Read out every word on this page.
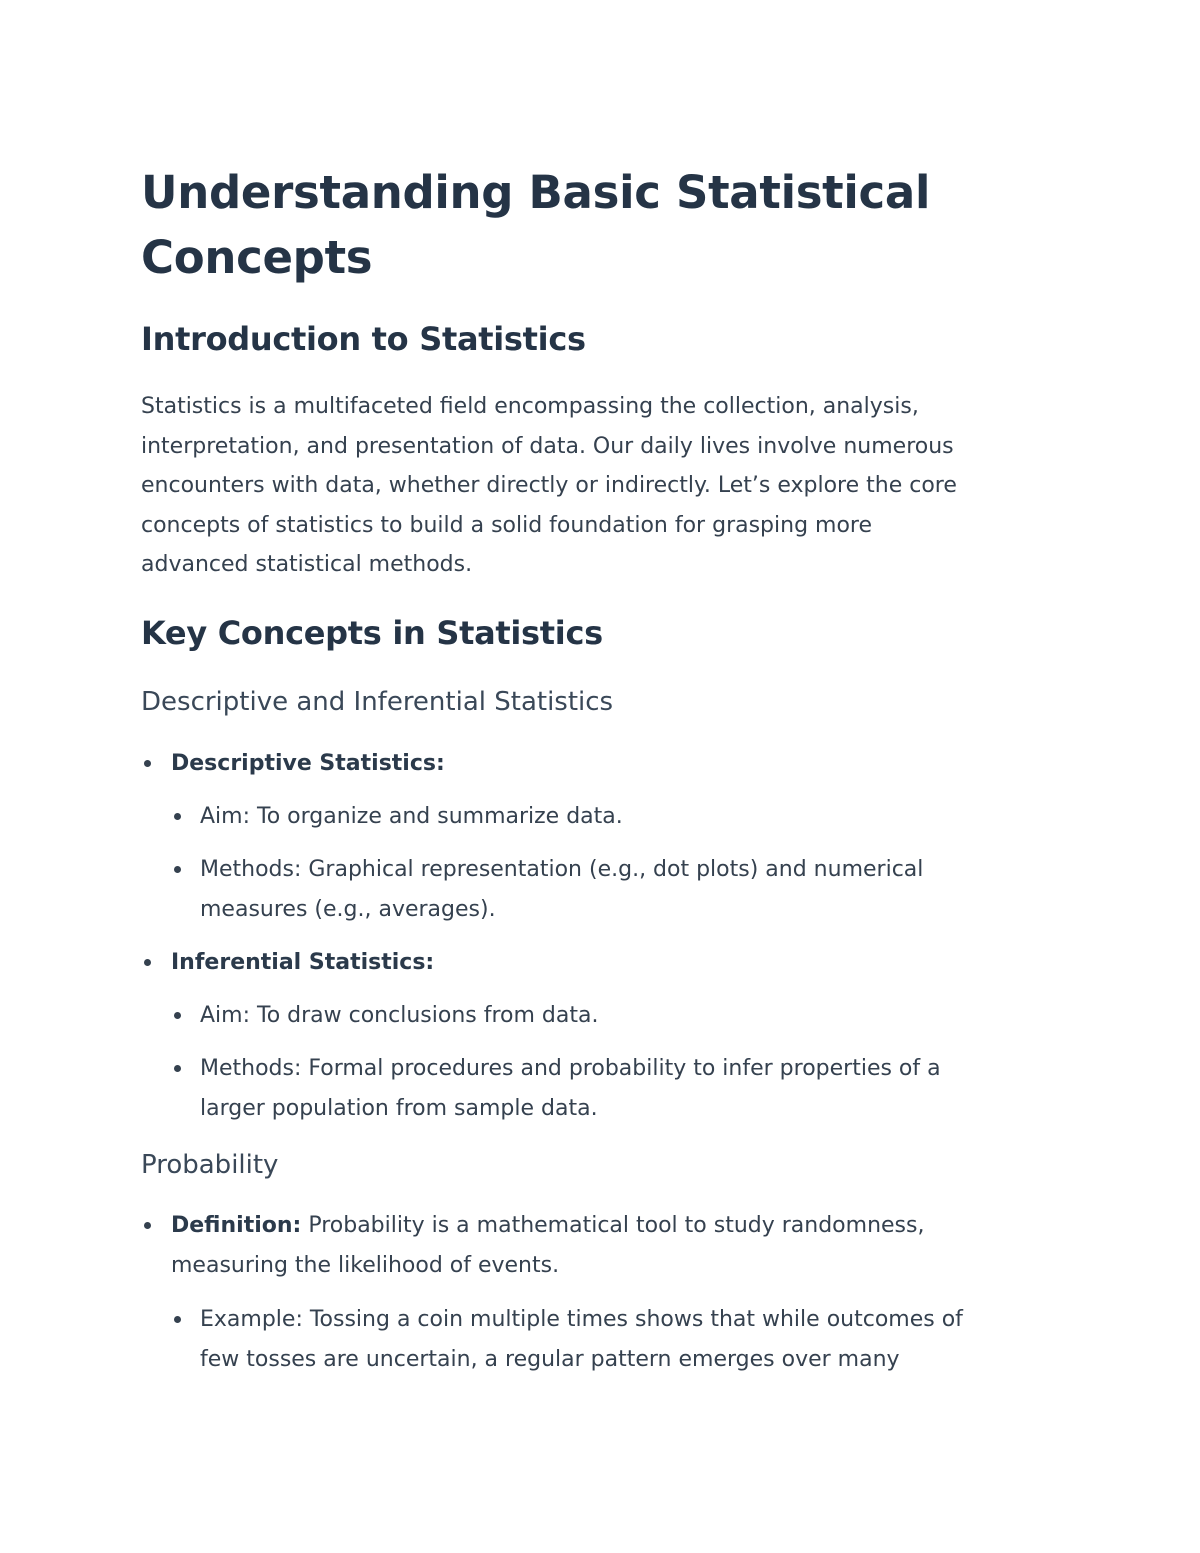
Understanding Basic Statistical
Concepts
Introduction to Statistics
Statistics is a multifaceted field encompassing the collection, analysis,
interpretation, and presentation of data. Our daily lives involve numerous
encounters with data, whether directly or indirectly. Let’s explore the core
concepts of statistics to build a solid foundation for grasping more
advanced statistical methods.
Key Concepts in Statistics
Descriptive and Inferential Statistics
Descriptive Statistics:
Aim: To organize and summarize data.
Methods: Graphical representation (e.g., dot plots) and numerical
measures (e.g., averages).
Inferential Statistics:
Aim: To draw conclusions from data.
Methods: Formal procedures and probability to infer properties of a
larger population from sample data.
Probability
Definition: Probability is a mathematical tool to study randomness,
measuring the likelihood of events.
Example: Tossing a coin multiple times shows that while outcomes of
few tosses are uncertain, a regular pattern emerges over many
